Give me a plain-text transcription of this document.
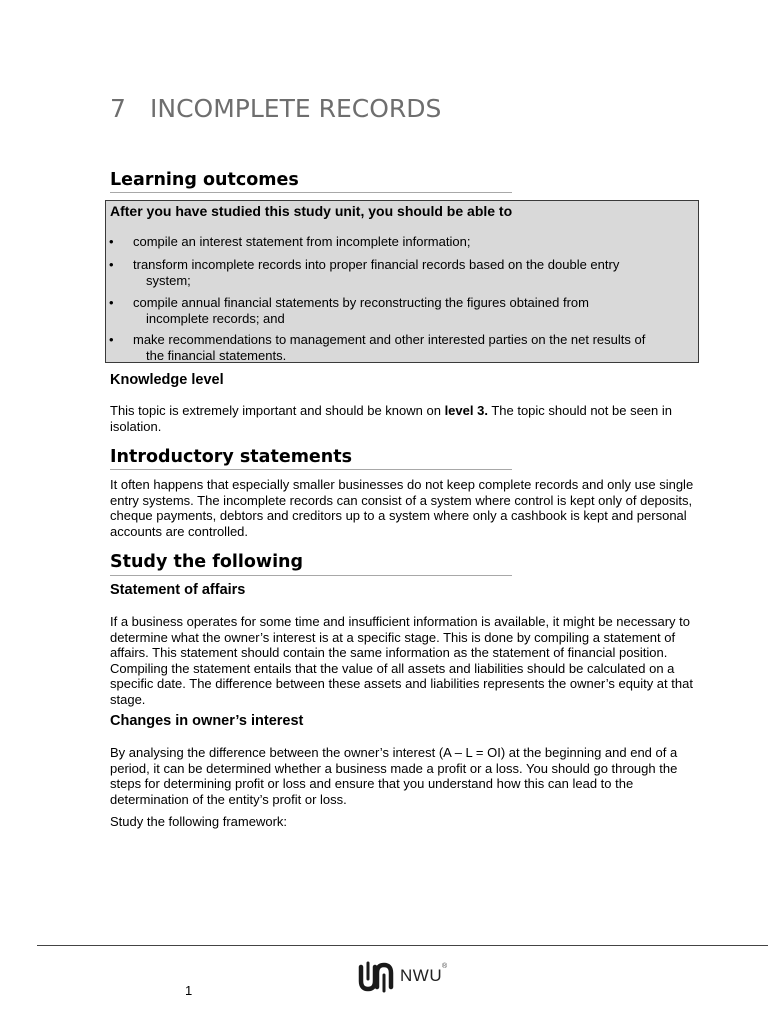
7 INCOMPLETE RECORDS
Learning outcomes
After you have studied this study unit, you should be able to
• compile an interest statement from incomplete information;
• transform incomplete records into proper financial records based on the double entry
system;
• compile annual financial statements by reconstructing the figures obtained from
incomplete records; and
• make recommendations to management and other interested parties on the net results of
the financial statements.
Knowledge level
This topic is extremely important and should be known on level 3. The topic should not be seen in isolation.
Introductory statements
It often happens that especially smaller businesses do not keep complete records and only use single entry systems. The incomplete records can consist of a system where control is kept only of deposits, cheque payments, debtors and creditors up to a system where only a cashbook is kept and personal accounts are controlled.
Study the following
Statement of affairs
If a business operates for some time and insufficient information is available, it might be necessary to determine what the owner’s interest is at a specific stage. This is done by compiling a statement of affairs. This statement should contain the same information as the statement of financial position. Compiling the statement entails that the value of all assets and liabilities should be calculated on a specific date. The difference between these assets and liabilities represents the owner’s equity at that stage.
Changes in owner’s interest
By analysing the difference between the owner’s interest (A – L = OI) at the beginning and end of a period, it can be determined whether a business made a profit or a loss. You should go through the steps for determining profit or loss and ensure that you understand how this can lead to the determination of the entity’s profit or loss.
Study the following framework:
1
NWU ®
